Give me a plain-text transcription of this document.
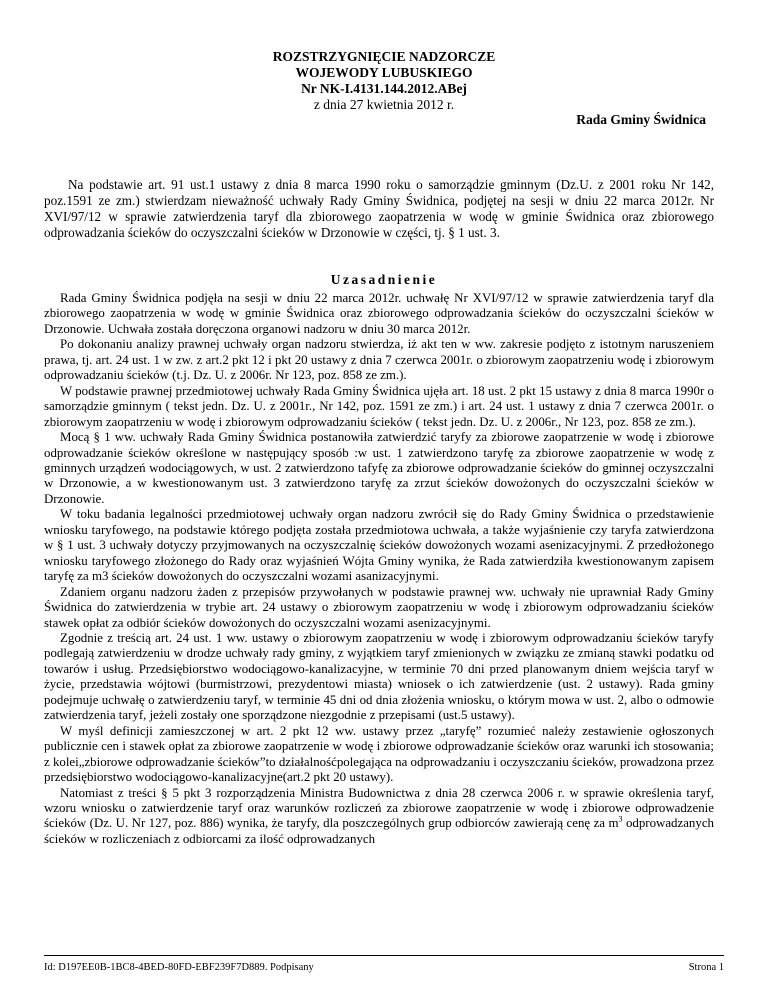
ROZSTRZYGNIĘCIE NADZORCZE
WOJEWODY LUBUSKIEGO
Nr NK-I.4131.144.2012.ABej
z dnia 27 kwietnia 2012 r.
Rada Gminy Świdnica
Na podstawie art. 91 ust.1 ustawy z dnia 8 marca 1990 roku o samorządzie gminnym (Dz.U. z 2001 roku Nr 142, poz.1591 ze zm.) stwierdzam nieważność uchwały Rady Gminy Świdnica, podjętej na sesji w dniu 22 marca 2012r. Nr XVI/97/12 w sprawie zatwierdzenia taryf dla zbiorowego zaopatrzenia w wodę w gminie Świdnica oraz zbiorowego odprowadzania ścieków do oczyszczalni ścieków w Drzonowie w części, tj. § 1 ust. 3.
Uzasadnienie

Rada Gminy Świdnica podjęła na sesji w dniu 22 marca 2012r. uchwałę Nr XVI/97/12 w sprawie zatwierdzenia taryf dla zbiorowego zaopatrzenia w wodę w gminie Świdnica oraz zbiorowego odprowadzania ścieków do oczyszczalni ścieków w Drzonowie. Uchwała została doręczona organowi nadzoru w dniu 30 marca 2012r.

Po dokonaniu analizy prawnej uchwały organ nadzoru stwierdza, iż akt ten w ww. zakresie podjęto z istotnym naruszeniem prawa, tj. art. 24 ust. 1 w zw. z art.2 pkt 12 i pkt 20 ustawy z dnia 7 czerwca 2001r. o zbiorowym zaopatrzeniu wodę i zbiorowym odprowadzaniu ścieków (t.j. Dz. U. z 2006r. Nr 123, poz. 858 ze zm.).

W podstawie prawnej przedmiotowej uchwały Rada Gminy Świdnica ujęła art. 18 ust. 2 pkt 15 ustawy z dnia 8 marca 1990r o samorządzie gminnym ( tekst jedn. Dz. U. z 2001r., Nr 142, poz. 1591 ze zm.) i art. 24 ust. 1 ustawy z dnia 7 czerwca 2001r. o zbiorowym zaopatrzeniu w wodę i zbiorowym odprowadzaniu ścieków ( tekst jedn. Dz. U. z 2006r., Nr 123, poz. 858 ze zm.).

Mocą § 1 ww. uchwały Rada Gminy Świdnica postanowiła zatwierdzić taryfy za zbiorowe zaopatrzenie w wodę i zbiorowe odprowadzanie ścieków określone w następujący sposób :w ust. 1 zatwierdzono taryfę za zbiorowe zaopatrzenie w wodę z gminnych urządzeń wodociągowych, w ust. 2 zatwierdzono tafyfę za zbiorowe odprowadzanie ścieków do gminnej oczyszczalni w Drzonowie, a w kwestionowanym ust. 3 zatwierdzono taryfę za zrzut ścieków dowożonych do oczyszczalni ścieków w Drzonowie.

W toku badania legalności przedmiotowej uchwały organ nadzoru zwrócił się do Rady Gminy Świdnica o przedstawienie wniosku taryfowego, na podstawie którego podjęta została przedmiotowa uchwała, a także wyjaśnienie czy taryfa zatwierdzona w § 1 ust. 3 uchwały dotyczy przyjmowanych na oczyszczalnię ścieków dowożonych wozami asenizacyjnymi. Z przedłożonego wniosku taryfowego złożonego do Rady oraz wyjaśnień Wójta Gminy wynika, że Rada zatwierdziła kwestionowanym zapisem taryfę za m3 ścieków dowożonych do oczyszczalni wozami asanizacyjnymi.

Zdaniem organu nadzoru żaden z przepisów przywołanych w podstawie prawnej ww. uchwały nie uprawniał Rady Gminy Świdnica do zatwierdzenia w trybie art. 24 ustawy o zbiorowym zaopatrzeniu w wodę i zbiorowym odprowadzaniu ścieków stawek opłat za odbiór ścieków dowożonych do oczyszczalni wozami asenizacyjnymi.

Zgodnie z treścią art. 24 ust. 1 ww. ustawy o zbiorowym zaopatrzeniu w wodę i zbiorowym odprowadzaniu ścieków taryfy podlegają zatwierdzeniu w drodze uchwały rady gminy, z wyjątkiem taryf zmienionych w związku ze zmianą stawki podatku od towarów i usług. Przedsiębiorstwo wodociągowo-kanalizacyjne, w terminie 70 dni przed planowanym dniem wejścia taryf w życie, przedstawia wójtowi (burmistrzowi, prezydentowi miasta) wniosek o ich zatwierdzenie (ust. 2 ustawy). Rada gminy podejmuje uchwałę o zatwierdzeniu taryf, w terminie 45 dni od dnia złożenia wniosku, o którym mowa w ust. 2, albo o odmowie zatwierdzenia taryf, jeżeli zostały one sporządzone niezgodnie z przepisami (ust.5 ustawy).

W myśl definicji zamieszczonej w art. 2 pkt 12 ww. ustawy przez „taryfę” rozumieć należy zestawienie ogłoszonych publicznie cen i stawek opłat za zbiorowe zaopatrzenie w wodę i zbiorowe odprowadzanie ścieków oraz warunki ich stosowania; z kolei„zbiorowe odprowadzanie ścieków”to działalnośćpolegająca na odprowadzaniu i oczyszczaniu ścieków, prowadzona przez przedsiębiorstwo wodociągowo-kanalizacyjne(art.2 pkt 20 ustawy).

Natomiast z treści § 5 pkt 3 rozporządzenia Ministra Budownictwa z dnia 28 czerwca 2006 r. w sprawie określenia taryf, wzoru wniosku o zatwierdzenie taryf oraz warunków rozliczeń za zbiorowe zaopatrzenie w wodę i zbiorowe odprowadzenie ścieków (Dz. U. Nr 127, poz. 886) wynika, że taryfy, dla poszczególnych grup odbiorców zawierają cenę za $m^3$ odprowadzanych ścieków w rozliczeniach z odbiorcami za ilość odprowadzanych

Id: D197EE0B-1BC8-4BED-80FD-EBF239F7D889. Podpisany	Strona 1
